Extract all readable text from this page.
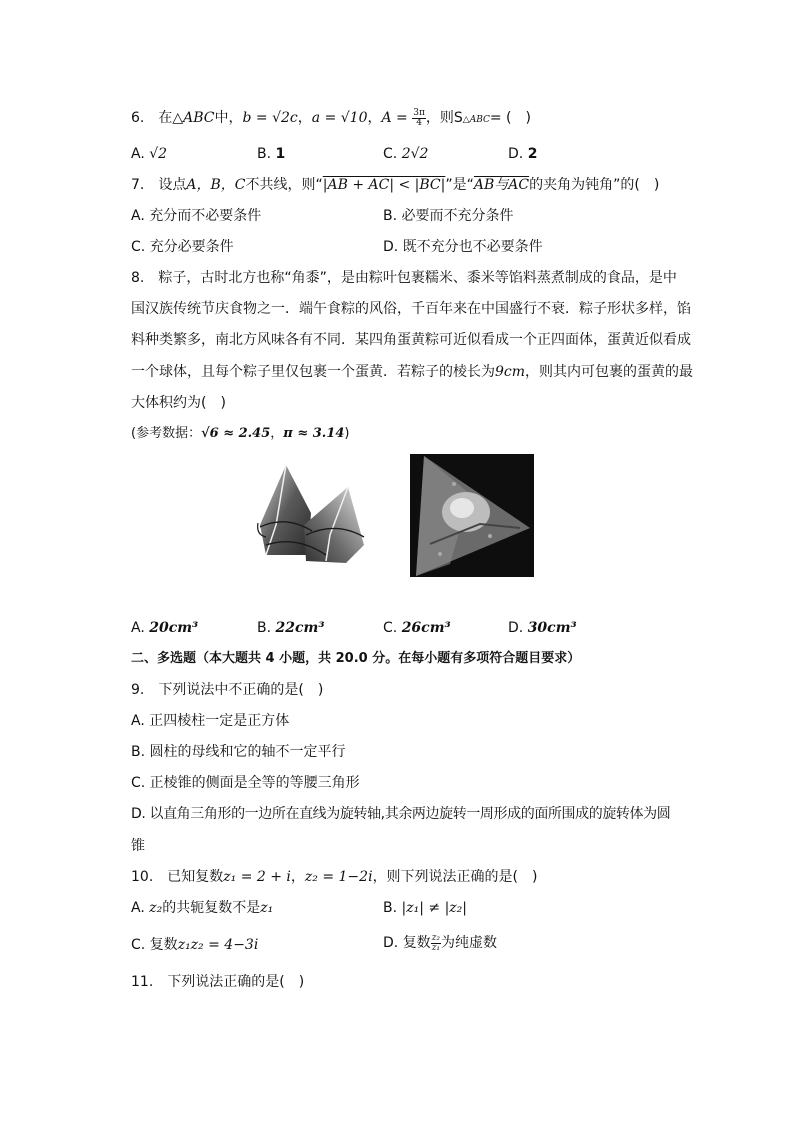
6.　在△ABC中，b = √2c，a = √10，$A = \frac{3\pi}{4}$ ，则S△ABC= (　)
A. √2	B. 1	C. 2√2	D. 2
7.　设点A，B，C不共线，则“|AB + AC| < |BC|”是“AB与AC的夹角为钝角”的(　)
A. 充分而不必要条件	B. 必要而不充分条件
C. 充分必要条件	D. 既不充分也不必要条件
8.　粽子，古时北方也称“角黍”，是由粽叶包裹糯米、黍米等馅料蒸煮制成的食品，是中
国汉族传统节庆食物之一．端午食粽的风俗，千百年来在中国盛行不衰．粽子形状多样，馅
料种类繁多，南北方风味各有不同．某四角蛋黄粽可近似看成一个正四面体，蛋黄近似看成
一个球体，且每个粽子里仅包裹一个蛋黄．若粽子的棱长为9cm，则其内可包裹的蛋黄的最
大体积约为(　)
(参考数据：√6 ≈ 2.45，π ≈ 3.14)
A. 20cm³	B. 22cm³	C. 26cm³	D. 30cm³
二、多选题（本大题共 4 小题，共 20.0 分。在每小题有多项符合题目要求）
9.　下列说法中不正确的是(　)
A. 正四棱柱一定是正方体
B. 圆柱的母线和它的轴不一定平行
C. 正棱锥的侧面是全等的等腰三角形
D. 以直角三角形的一边所在直线为旋转轴,其余两边旋转一周形成的面所围成的旋转体为圆
锥
10.　已知复数z₁ = 2 + i，z₂ = 1−2i，则下列说法正确的是(　)
A. z₂的共轭复数不是z₁	B. |z₁| ≠ |z₂|
C. 复数z₁z₂ = 4−3i	D. 复数 $\frac{\text{z₂}}{\text{z₁}}$ 为纯虚数
11.　下列说法正确的是(　)
